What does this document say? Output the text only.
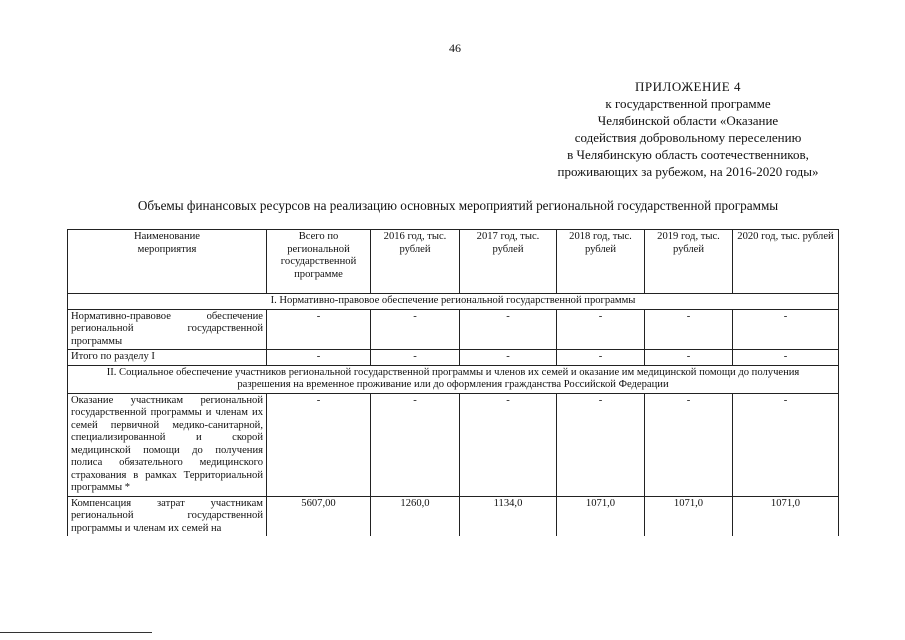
46
ПРИЛОЖЕНИЕ 4
к государственной программе
Челябинской области «Оказание
содействия добровольному переселению
в Челябинскую область соотечественников,
проживающих за рубежом, на 2016-2020 годы»
Объемы финансовых ресурсов на реализацию основных мероприятий региональной государственной программы
Наименование мероприятия	Всего по региональной государственной программе	2016 год, тыс. рублей	2017 год, тыс. рублей	2018 год, тыс. рублей	2019 год, тыс. рублей	2020 год, тыс. рублей
I. Нормативно-правовое обеспечение региональной государственной программы						
Нормативно-правовое обеспечение региональной государственной программы	-	-	-	-	-	-
Итого по разделу I	-	-	-	-	-	-
II. Социальное обеспечение участников региональной государственной программы и членов их семей и оказание им медицинской помощи до получения разрешения на временное проживание или до оформления гражданства Российской Федерации						
Оказание участникам региональной государственной программы и членам их семей первичной медико-санитарной, специализированной и скорой медицинской помощи до получения полиса обязательного медицинского страхования в рамках Территориальной программы *	-	-	-	-	-	-
Компенсация затрат участникам региональной государственной программы и членам их семей на	5607,00	1260,0	1134,0	1071,0	1071,0	1071,0
